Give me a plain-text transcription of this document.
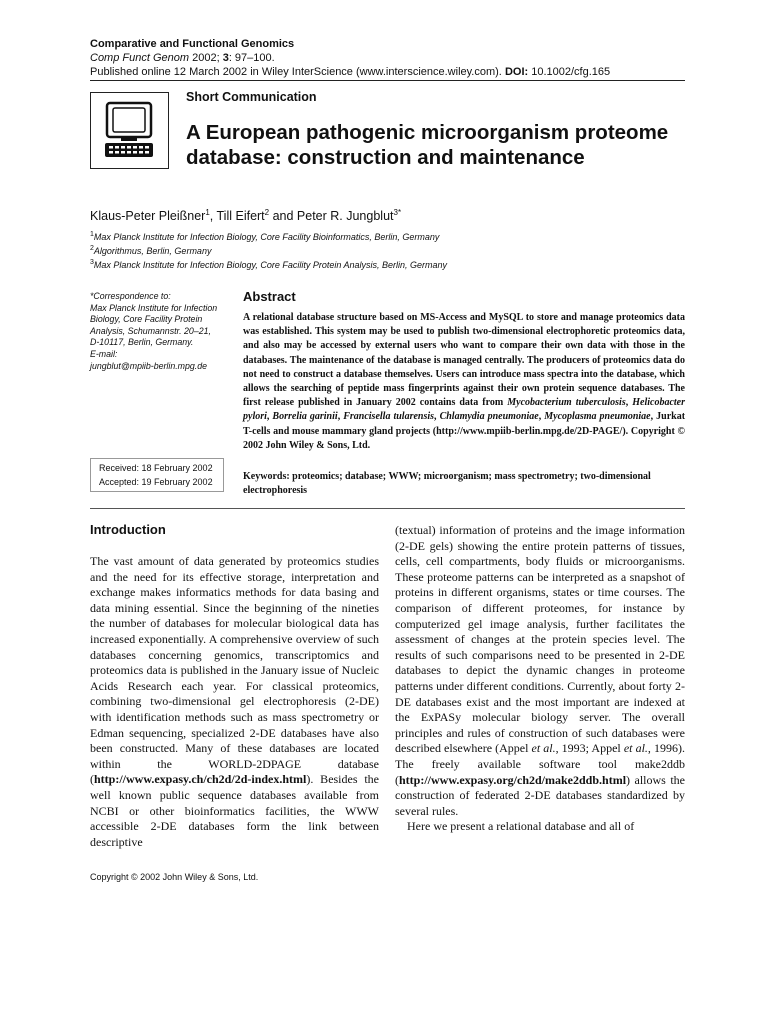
Comparative and Functional Genomics
Comp Funct Genom 2002; 3: 97–100.
Published online 12 March 2002 in Wiley InterScience (www.interscience.wiley.com). DOI: 10.1002/cfg.165
Short Communication
A European pathogenic microorganism proteome database: construction and maintenance
Klaus-Peter Pleißner$^1$, Till Eifert$^2$ and Peter R. Jungblut$^{3*}$
$^1$Max Planck Institute for Infection Biology, Core Facility Bioinformatics, Berlin, Germany
$^2$Algorithmus, Berlin, Germany
$^3$Max Planck Institute for Infection Biology, Core Facility Protein Analysis, Berlin, Germany
*Correspondence to:
Max Planck Institute for Infection
Biology, Core Facility Protein
Analysis, Schumannstr. 20–21,
D-10117, Berlin, Germany.
E-mail:
jungblut@mpiib-berlin.mpg.de
Received: 18 February 2002
Accepted: 19 February 2002
Abstract
A relational database structure based on MS-Access and MySQL to store and manage proteomics data was established. This system may be used to publish two-dimensional electrophoretic proteomics data, and also may be accessed by external users who want to compare their own data with those in the databases. The maintenance of the database is managed centrally. The producers of proteomics data do not need to construct a database themselves. Users can introduce mass spectra into the database, which allows the searching of peptide mass fingerprints against their own protein sequence databases. The first release published in January 2002 contains data from Mycobacterium tuberculosis, Helicobacter pylori, Borrelia garinii, Francisella tularensis, Chlamydia pneumoniae, Mycoplasma pneumoniae, Jurkat T-cells and mouse mammary gland projects (http://www.mpiib-berlin.mpg.de/2D-PAGE/). Copyright © 2002 John Wiley & Sons, Ltd.
Keywords: proteomics; database; WWW; microorganism; mass spectrometry; two-dimensional electrophoresis
Introduction
The vast amount of data generated by proteomics studies and the need for its effective storage, interpretation and exchange makes informatics methods for data basing and data mining essential. Since the beginning of the nineties the number of databases for molecular biological data has increased exponentially. A comprehensive overview of such databases concerning genomics, transcriptomics and proteomics data is published in the January issue of Nucleic Acids Research each year. For classical proteomics, combining two-dimensional gel electrophoresis (2-DE) with identification methods such as mass spectrometry or Edman sequencing, specialized 2-DE databases have also been constructed. Many of these databases are located within the WORLD-2DPAGE database (http://www.expasy.ch/ch2d/2d-index.html). Besides the well known public sequence databases available from NCBI or other bioinformatics facilities, the WWW accessible 2-DE databases form the link between descriptive
(textual) information of proteins and the image information (2-DE gels) showing the entire protein patterns of tissues, cells, cell compartments, body fluids or microorganisms. These proteome patterns can be interpreted as a snapshot of proteins in different organisms, states or time courses. The comparison of different proteomes, for instance by computerized gel image analysis, further facilitates the assessment of changes at the protein species level. The results of such comparisons need to be presented in 2-DE databases to depict the dynamic changes in proteome patterns under different conditions. Currently, about forty 2-DE databases exist and the most important are indexed at the ExPASy molecular biology server. The overall principles and rules of construction of such databases were described elsewhere (Appel et al., 1993; Appel et al., 1996). The freely available software tool make2ddb (http://www.expasy.org/ch2d/make2ddb.html) allows the construction of federated 2-DE databases standardized by several rules.
Here we present a relational database and all of
Copyright © 2002 John Wiley & Sons, Ltd.
